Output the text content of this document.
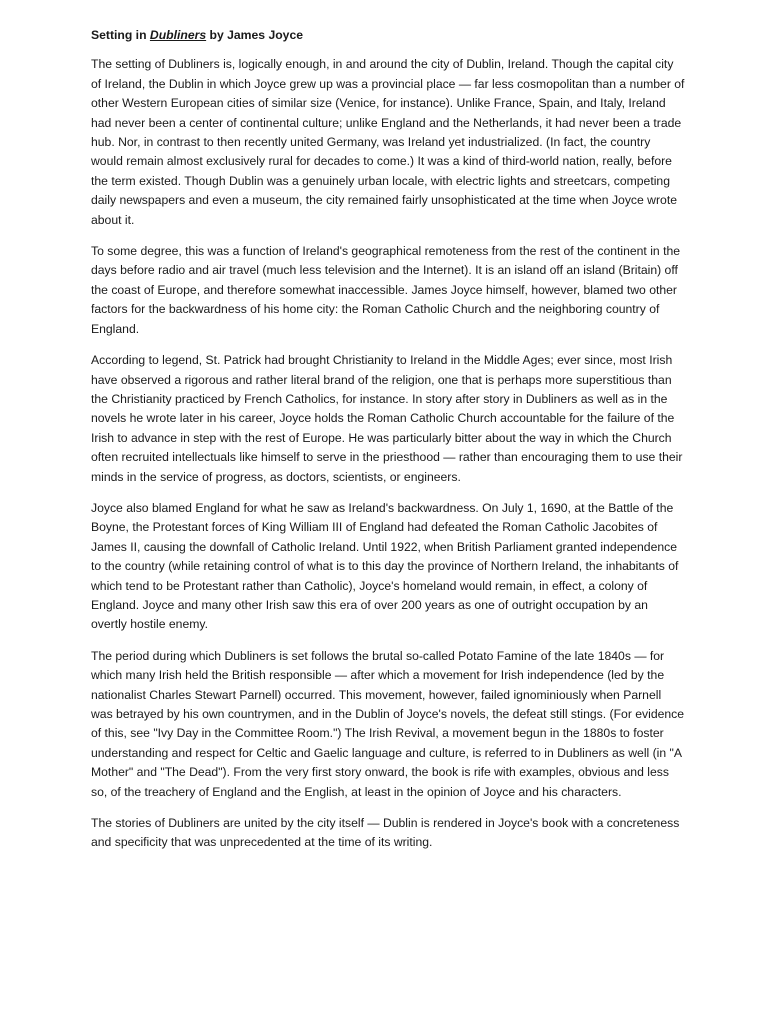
Setting in Dubliners by James Joyce

The setting of Dubliners is, logically enough, in and around the city of Dublin, Ireland. Though the capital city of Ireland, the Dublin in which Joyce grew up was a provincial place — far less cosmopolitan than a number of other Western European cities of similar size (Venice, for instance). Unlike France, Spain, and Italy, Ireland had never been a center of continental culture; unlike England and the Netherlands, it had never been a trade hub. Nor, in contrast to then recently united Germany, was Ireland yet industrialized. (In fact, the country would remain almost exclusively rural for decades to come.) It was a kind of third-world nation, really, before the term existed. Though Dublin was a genuinely urban locale, with electric lights and streetcars, competing daily newspapers and even a museum, the city remained fairly unsophisticated at the time when Joyce wrote about it.

To some degree, this was a function of Ireland's geographical remoteness from the rest of the continent in the days before radio and air travel (much less television and the Internet). It is an island off an island (Britain) off the coast of Europe, and therefore somewhat inaccessible. James Joyce himself, however, blamed two other factors for the backwardness of his home city: the Roman Catholic Church and the neighboring country of England.

According to legend, St. Patrick had brought Christianity to Ireland in the Middle Ages; ever since, most Irish have observed a rigorous and rather literal brand of the religion, one that is perhaps more superstitious than the Christianity practiced by French Catholics, for instance. In story after story in Dubliners as well as in the novels he wrote later in his career, Joyce holds the Roman Catholic Church accountable for the failure of the Irish to advance in step with the rest of Europe. He was particularly bitter about the way in which the Church often recruited intellectuals like himself to serve in the priesthood — rather than encouraging them to use their minds in the service of progress, as doctors, scientists, or engineers.

Joyce also blamed England for what he saw as Ireland's backwardness. On July 1, 1690, at the Battle of the Boyne, the Protestant forces of King William III of England had defeated the Roman Catholic Jacobites of James II, causing the downfall of Catholic Ireland. Until 1922, when British Parliament granted independence to the country (while retaining control of what is to this day the province of Northern Ireland, the inhabitants of which tend to be Protestant rather than Catholic), Joyce's homeland would remain, in effect, a colony of England. Joyce and many other Irish saw this era of over 200 years as one of outright occupation by an overtly hostile enemy.

The period during which Dubliners is set follows the brutal so-called Potato Famine of the late 1840s — for which many Irish held the British responsible — after which a movement for Irish independence (led by the nationalist Charles Stewart Parnell) occurred. This movement, however, failed ignominiously when Parnell was betrayed by his own countrymen, and in the Dublin of Joyce's novels, the defeat still stings. (For evidence of this, see "Ivy Day in the Committee Room.") The Irish Revival, a movement begun in the 1880s to foster understanding and respect for Celtic and Gaelic language and culture, is referred to in Dubliners as well (in "A Mother" and "The Dead"). From the very first story onward, the book is rife with examples, obvious and less so, of the treachery of England and the English, at least in the opinion of Joyce and his characters.

The stories of Dubliners are united by the city itself — Dublin is rendered in Joyce's book with a concreteness and specificity that was unprecedented at the time of its writing.
